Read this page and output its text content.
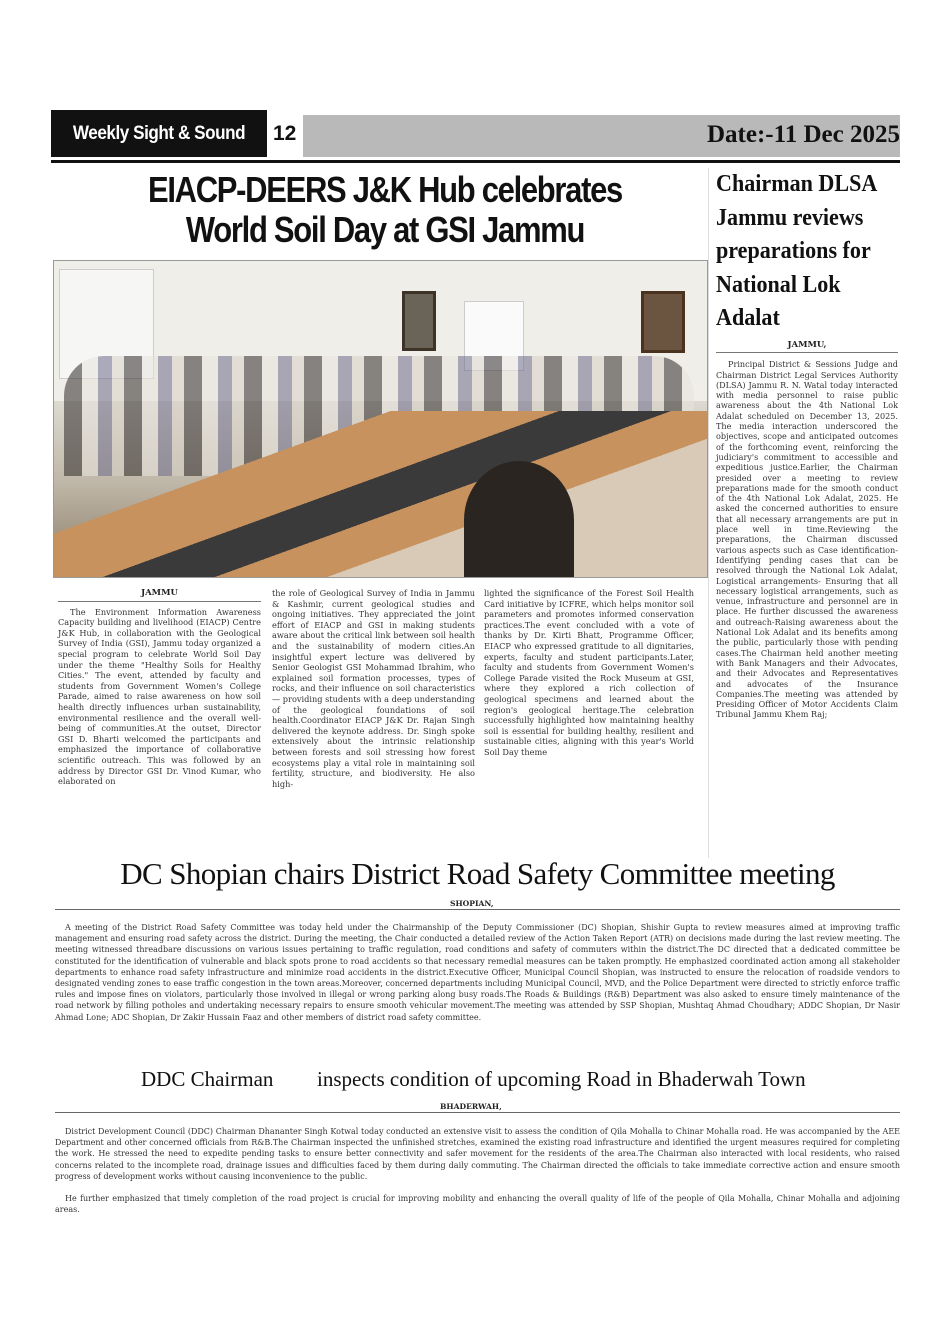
Weekly Sight & Sound	12	Date:-11 Dec 2025
EIACP-DEERS J&K Hub celebrates
World Soil Day at GSI Jammu
JAMMU

The Environment Information Awareness Capacity building and livelihood (EIACP) Centre J&K Hub, in collaboration with the Geological Survey of India (GSI), Jammu today organized a special program to celebrate World Soil Day under the theme "Healthy Soils for Healthy Cities." The event, attended by faculty and students from Government Women's College Parade, aimed to raise awareness on how soil health directly influences urban sustainability, environmental resilience and the overall well-being of communities.At the outset, Director GSI D. Bharti welcomed the participants and emphasized the importance of collaborative scientific outreach. This was followed by an address by Director GSI Dr. Vinod Kumar, who elaborated on

the role of Geological Survey of India in Jammu & Kashmir, current geological studies and ongoing initiatives. They appreciated the joint effort of EIACP and GSI in making students aware about the critical link between soil health and the sustainability of modern cities.An insightful expert lecture was delivered by Senior Geologist GSI Mohammad Ibrahim, who explained soil formation processes, types of rocks, and their influence on soil characteristics— providing students with a deep understanding of the geological foundations of soil health.Coordinator EIACP J&K Dr. Rajan Singh delivered the keynote address. Dr. Singh spoke extensively about the intrinsic relationship between forests and soil stressing how forest ecosystems play a vital role in maintaining soil fertility, structure, and biodiversity. He also high-

lighted the significance of the Forest Soil Health Card initiative by ICFRE, which helps monitor soil parameters and promotes informed conservation practices.The event concluded with a vote of thanks by Dr. Kirti Bhatt, Programme Officer, EIACP who expressed gratitude to all dignitaries, experts, faculty and student participants.Later, faculty and students from Government Women's College Parade visited the Rock Museum at GSI, where they explored a rich collection of geological specimens and learned about the region's geological heritage.The celebration successfully highlighted how maintaining healthy soil is essential for building healthy, resilient and sustainable cities, aligning with this year's World Soil Day theme

Chairman DLSA Jammu reviews preparations for National Lok Adalat
JAMMU,

Principal District & Sessions Judge and Chairman District Legal Services Authority (DLSA) Jammu R. N. Watal today interacted with media personnel to raise public awareness about the 4th National Lok Adalat scheduled on December 13, 2025. The media interaction underscored the objectives, scope and anticipated outcomes of the forthcoming event, reinforcing the judiciary's commitment to accessible and expeditious justice.Earlier, the Chairman presided over a meeting to review preparations made for the smooth conduct of the 4th National Lok Adalat, 2025. He asked the concerned authorities to ensure that all necessary arrangements are put in place well in time.Reviewing the preparations, the Chairman discussed various aspects such as Case identification-Identifying pending cases that can be resolved through the National Lok Adalat, Logistical arrangements- Ensuring that all necessary logistical arrangements, such as venue, infrastructure and personnel are in place. He further discussed the awareness and outreach-Raising awareness about the National Lok Adalat and its benefits among the public, particularly those with pending cases.The Chairman held another meeting with Bank Managers and their Advocates, and their Advocates and Representatives and advocates of the Insurance Companies.The meeting was attended by Presiding Officer of Motor Accidents Claim Tribunal Jammu Khem Raj;

DC Shopian chairs District Road Safety Committee meeting
SHOPIAN,

A meeting of the District Road Safety Committee was today held under the Chairmanship of the Deputy Commissioner (DC) Shopian, Shishir Gupta to review measures aimed at improving traffic management and ensuring road safety across the district. During the meeting, the Chair conducted a detailed review of the Action Taken Report (ATR) on decisions made during the last review meeting. The meeting witnessed threadbare discussions on various issues pertaining to traffic regulation, road conditions and safety of commuters within the district.The DC directed that a dedicated committee be constituted for the identification of vulnerable and black spots prone to road accidents so that necessary remedial measures can be taken promptly. He emphasized coordinated action among all stakeholder departments to enhance road safety infrastructure and minimize road accidents in the district.Executive Officer, Municipal Council Shopian, was instructed to ensure the relocation of roadside vendors to designated vending zones to ease traffic congestion in the town areas.Moreover, concerned departments including Municipal Council, MVD, and the Police Department were directed to strictly enforce traffic rules and impose fines on violators, particularly those involved in illegal or wrong parking along busy roads.The Roads & Buildings (R&B) Department was also asked to ensure timely maintenance of the road network by filling potholes and undertaking necessary repairs to ensure smooth vehicular movement.The meeting was attended by SSP Shopian, Mushtaq Ahmad Choudhary; ADDC Shopian, Dr Nasir Ahmad Lone; ADC Shopian, Dr Zakir Hussain Faaz and other members of district road safety committee.

DDC Chairman inspects condition of upcoming Road in Bhaderwah Town
BHADERWAH,

District Development Council (DDC) Chairman Dhananter Singh Kotwal today conducted an extensive visit to assess the condition of Qila Mohalla to Chinar Mohalla road. He was accompanied by the AEE Department and other concerned officials from R&B.The Chairman inspected the unfinished stretches, examined the existing road infrastructure and identified the urgent measures required for completing the work. He stressed the need to expedite pending tasks to ensure better connectivity and safer movement for the residents of the area.The Chairman also interacted with local residents, who raised concerns related to the incomplete road, drainage issues and difficulties faced by them during daily commuting. The Chairman directed the officials to take immediate corrective action and ensure smooth progress of development works without causing inconvenience to the public.

He further emphasized that timely completion of the road project is crucial for improving mobility and enhancing the overall quality of life of the people of Qila Mohalla, Chinar Mohalla and adjoining areas.
